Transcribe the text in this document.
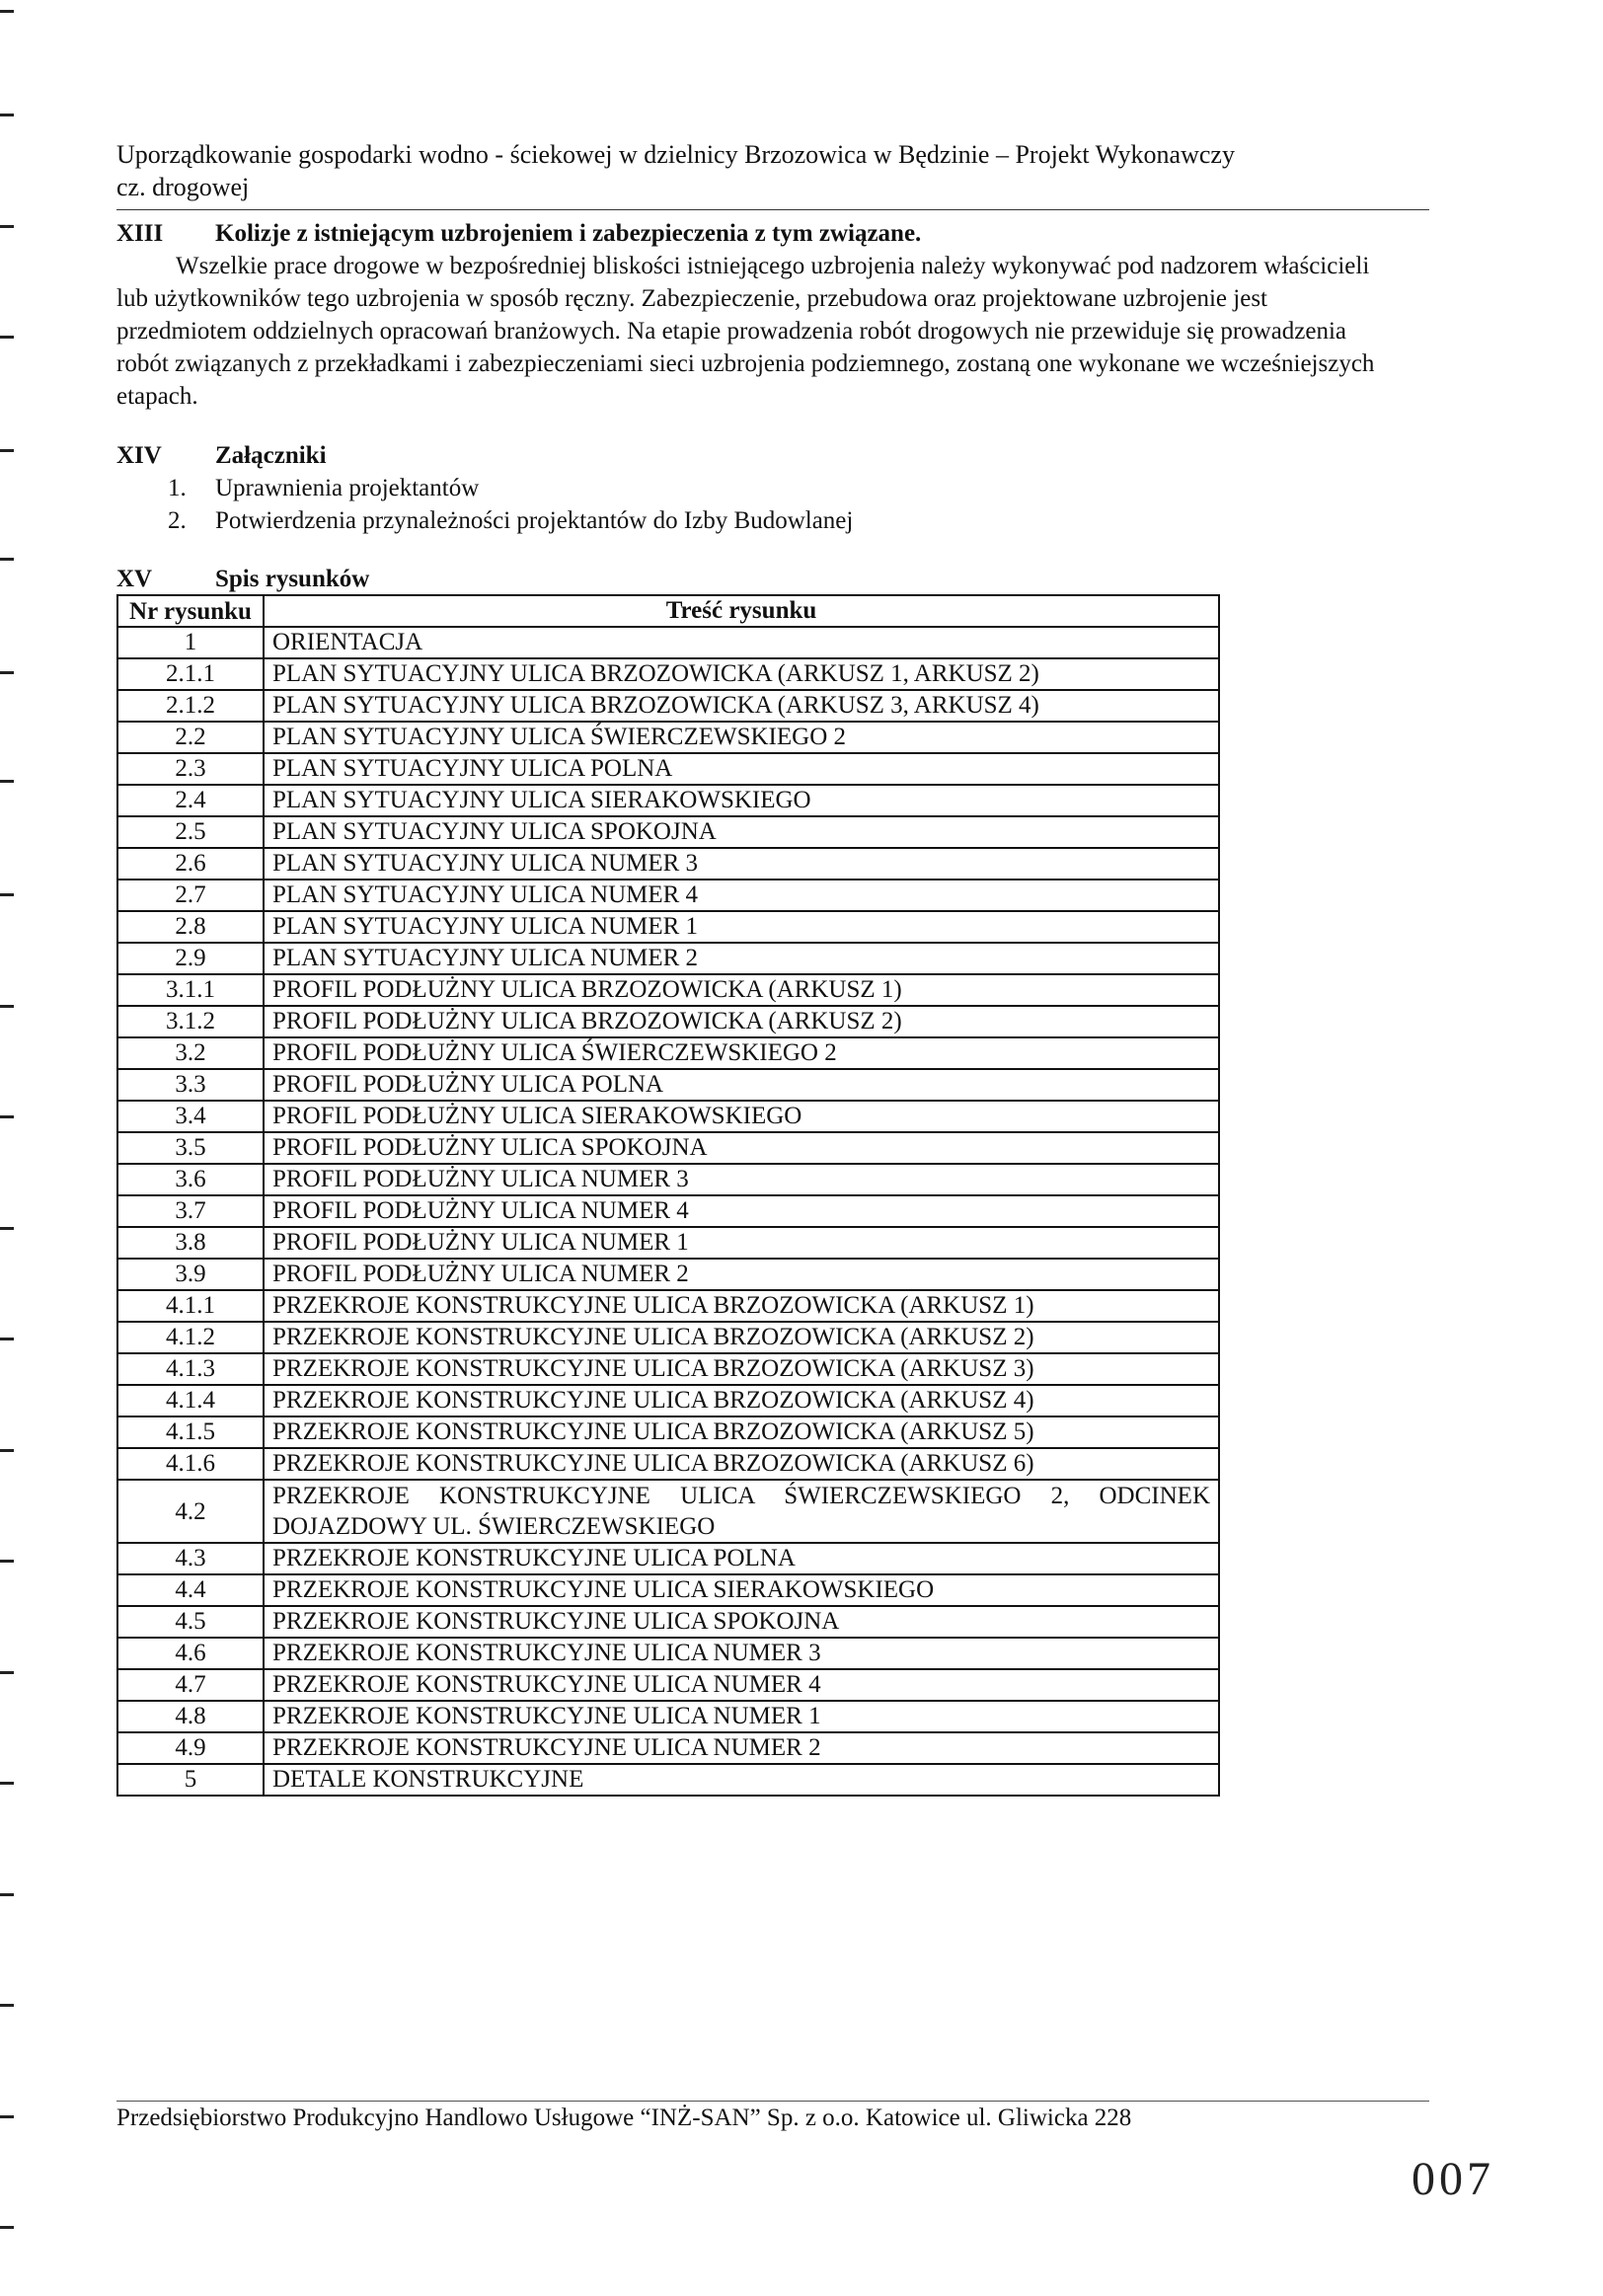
Uporządkowanie gospodarki wodno - ściekowej w dzielnicy Brzozowica w Będzinie – Projekt Wykonawczy
cz. drogowej
XIII Kolizje z istniejącym uzbrojeniem i zabezpieczenia z tym związane.

Wszelkie prace drogowe w bezpośredniej bliskości istniejącego uzbrojenia należy wykonywać pod nadzorem właścicieli lub użytkowników tego uzbrojenia w sposób ręczny. Zabezpieczenie, przebudowa oraz projektowane uzbrojenie jest przedmiotem oddzielnych opracowań branżowych. Na etapie prowadzenia robót drogowych nie przewiduje się prowadzenia robót związanych z przekładkami i zabezpieczeniami sieci uzbrojenia podziemnego, zostaną one wykonane we wcześniejszych etapach.

XIV Załączniki
1. Uprawnienia projektantów
2. Potwierdzenia przynależności projektantów do Izby Budowlanej
XV	Spis rysunków
Nr rysunku	Treść rysunku
1	ORIENTACJA
2.1.1	PLAN SYTUACYJNY ULICA BRZOZOWICKA (ARKUSZ 1, ARKUSZ 2)
2.1.2	PLAN SYTUACYJNY ULICA BRZOZOWICKA (ARKUSZ 3, ARKUSZ 4)
2.2	PLAN SYTUACYJNY ULICA ŚWIERCZEWSKIEGO 2
2.3	PLAN SYTUACYJNY ULICA POLNA
2.4	PLAN SYTUACYJNY ULICA SIERAKOWSKIEGO
2.5	PLAN SYTUACYJNY ULICA SPOKOJNA
2.6	PLAN SYTUACYJNY ULICA NUMER 3
2.7	PLAN SYTUACYJNY ULICA NUMER 4
2.8	PLAN SYTUACYJNY ULICA NUMER 1
2.9	PLAN SYTUACYJNY ULICA NUMER 2
3.1.1	PROFIL PODŁUŻNY ULICA BRZOZOWICKA (ARKUSZ 1)
3.1.2	PROFIL PODŁUŻNY ULICA BRZOZOWICKA (ARKUSZ 2)
3.2	PROFIL PODŁUŻNY ULICA ŚWIERCZEWSKIEGO 2
3.3	PROFIL PODŁUŻNY ULICA POLNA
3.4	PROFIL PODŁUŻNY ULICA SIERAKOWSKIEGO
3.5	PROFIL PODŁUŻNY ULICA SPOKOJNA
3.6	PROFIL PODŁUŻNY ULICA NUMER 3
3.7	PROFIL PODŁUŻNY ULICA NUMER 4
3.8	PROFIL PODŁUŻNY ULICA NUMER 1
3.9	PROFIL PODŁUŻNY ULICA NUMER 2
4.1.1	PRZEKROJE KONSTRUKCYJNE ULICA BRZOZOWICKA (ARKUSZ 1)
4.1.2	PRZEKROJE KONSTRUKCYJNE ULICA BRZOZOWICKA (ARKUSZ 2)
4.1.3	PRZEKROJE KONSTRUKCYJNE ULICA BRZOZOWICKA (ARKUSZ 3)
4.1.4	PRZEKROJE KONSTRUKCYJNE ULICA BRZOZOWICKA (ARKUSZ 4)
4.1.5	PRZEKROJE KONSTRUKCYJNE ULICA BRZOZOWICKA (ARKUSZ 5)
4.1.6	PRZEKROJE KONSTRUKCYJNE ULICA BRZOZOWICKA (ARKUSZ 6)
4.2	PRZEKROJE KONSTRUKCYJNE ULICA ŚWIERCZEWSKIEGO 2, ODCINEK DOJAZDOWY UL. ŚWIERCZEWSKIEGO
4.3	PRZEKROJE KONSTRUKCYJNE ULICA POLNA
4.4	PRZEKROJE KONSTRUKCYJNE ULICA SIERAKOWSKIEGO
4.5	PRZEKROJE KONSTRUKCYJNE ULICA SPOKOJNA
4.6	PRZEKROJE KONSTRUKCYJNE ULICA NUMER 3
4.7	PRZEKROJE KONSTRUKCYJNE ULICA NUMER 4
4.8	PRZEKROJE KONSTRUKCYJNE ULICA NUMER 1
4.9	PRZEKROJE KONSTRUKCYJNE ULICA NUMER 2
5	DETALE KONSTRUKCYJNE
Przedsiębiorstwo Produkcyjno Handlowo Usługowe “INŻ-SAN” Sp. z o.o. Katowice ul. Gliwicka 228
007
